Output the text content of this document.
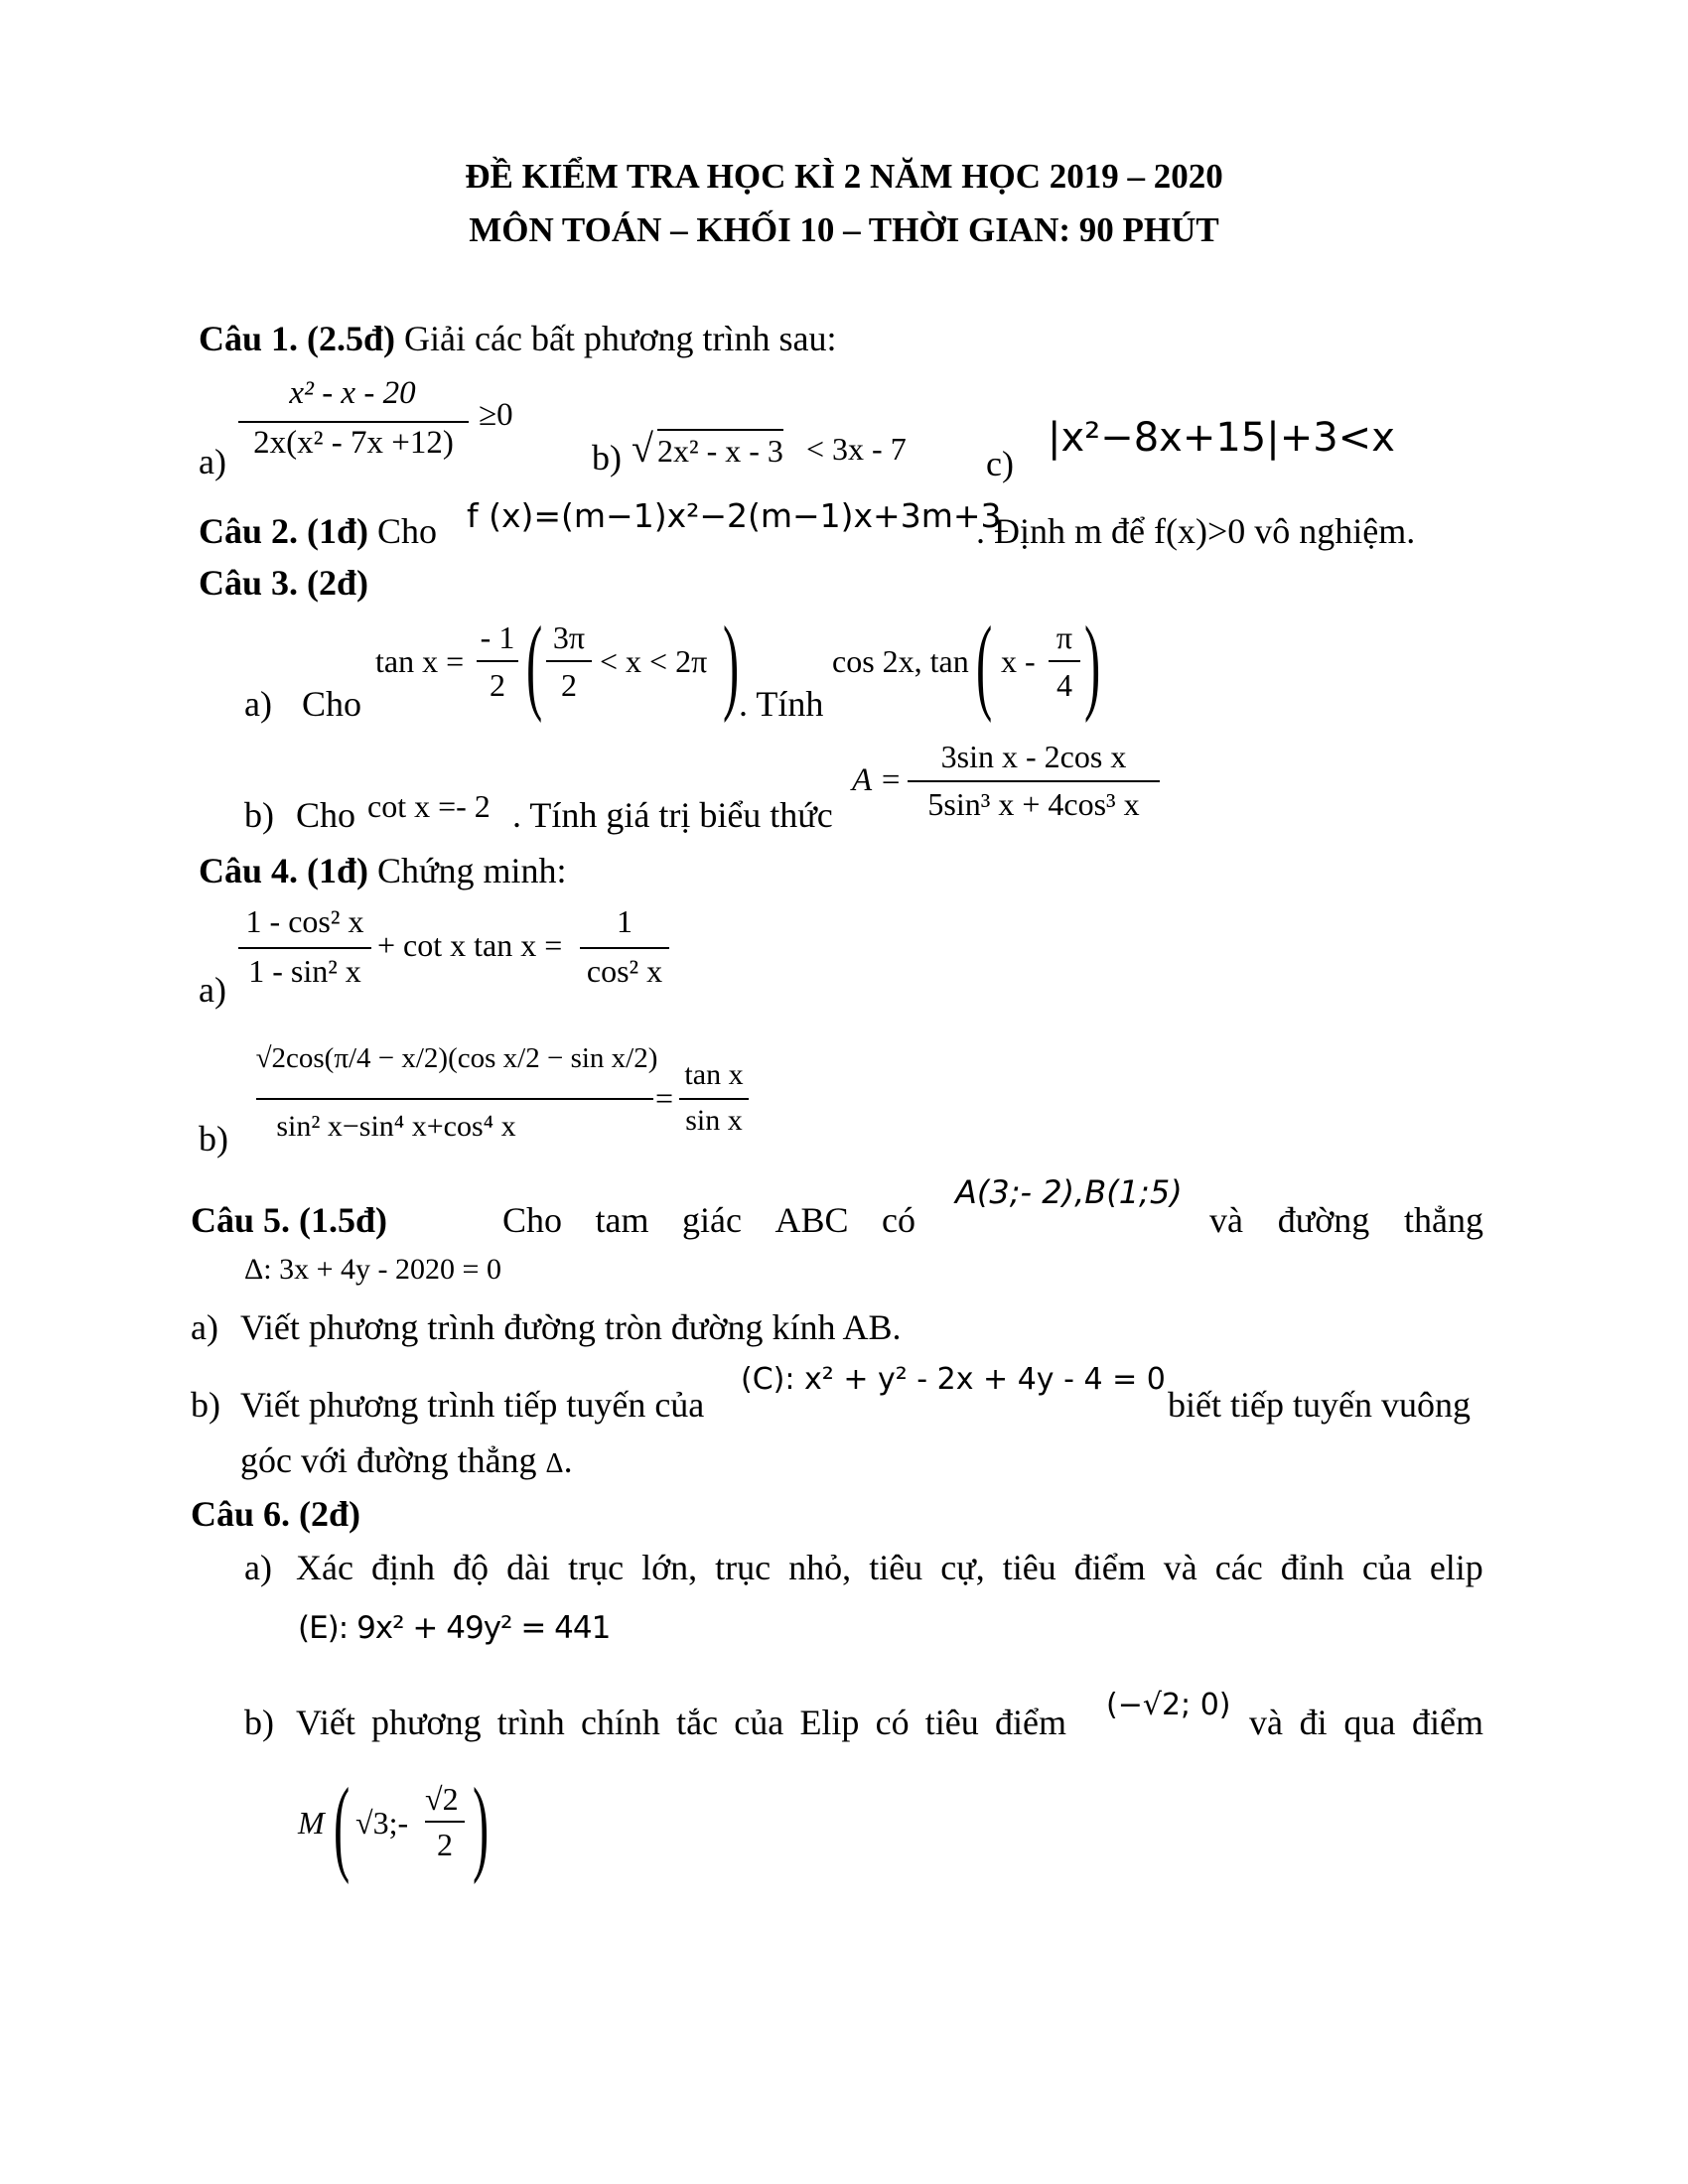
ĐỀ KIỂM TRA HỌC KÌ 2 NĂM HỌC 2019 – 2020
MÔN TOÁN – KHỐI 10 – THỜI GIAN: 90 PHÚT
Câu 1. (2.5đ) Giải các bất phương trình sau:
a)
x² - x - 20
2x(x² - 7x +12)
≥0
b) √ 2x² - x - 3 < 3x - 7 c)
|x²−8x+15|+3<x
Câu 2. (1đ) Cho f (x)=(m−1)x²−2(m−1)x+3m+3
. Định m để f(x)>0 vô nghiệm.
Câu 3. (2đ)
a) Cho
tan x =
- 1
2 ( 3π
2
< x < 2π ) . Tính
cos 2x, tan ( x -
π
4 )
b) Cho cot x =- 2 . Tính giá trị biểu thức
A =
3sin x - 2cos x
5sin³ x + 4cos³ x
Câu 4. (1đ) Chứng minh:
a)
1 - cos² x
1 - sin² x
+ cot x tan x =
1
cos² x
b)
√2cos(π/4 − x/2)(cos x/2 − sin x/2)
sin² x−sin⁴ x+cos⁴ x
=
tan x
sin x
Câu 5. (1.5đ)	Cho tam giác ABC có
A(3;- 2),B(1;5)
và đường thẳng
Δ: 3x + 4y - 2020 = 0
a) Viết phương trình đường tròn đường kính AB.
b) Viết phương trình tiếp tuyến của
(C): x² + y² - 2x + 4y - 4 = 0
biết tiếp tuyến vuông
góc với đường thẳng Δ.
Câu 6. (2đ)
a) Xác định độ dài trục lớn, trục nhỏ, tiêu cự, tiêu điểm và các đỉnh của elip
(E): 9x² + 49y² = 441
b) Viết phương trình chính tắc của Elip có tiêu điểm (−√2; 0) và đi qua điểm
M ( √3;-
√2
2 )
